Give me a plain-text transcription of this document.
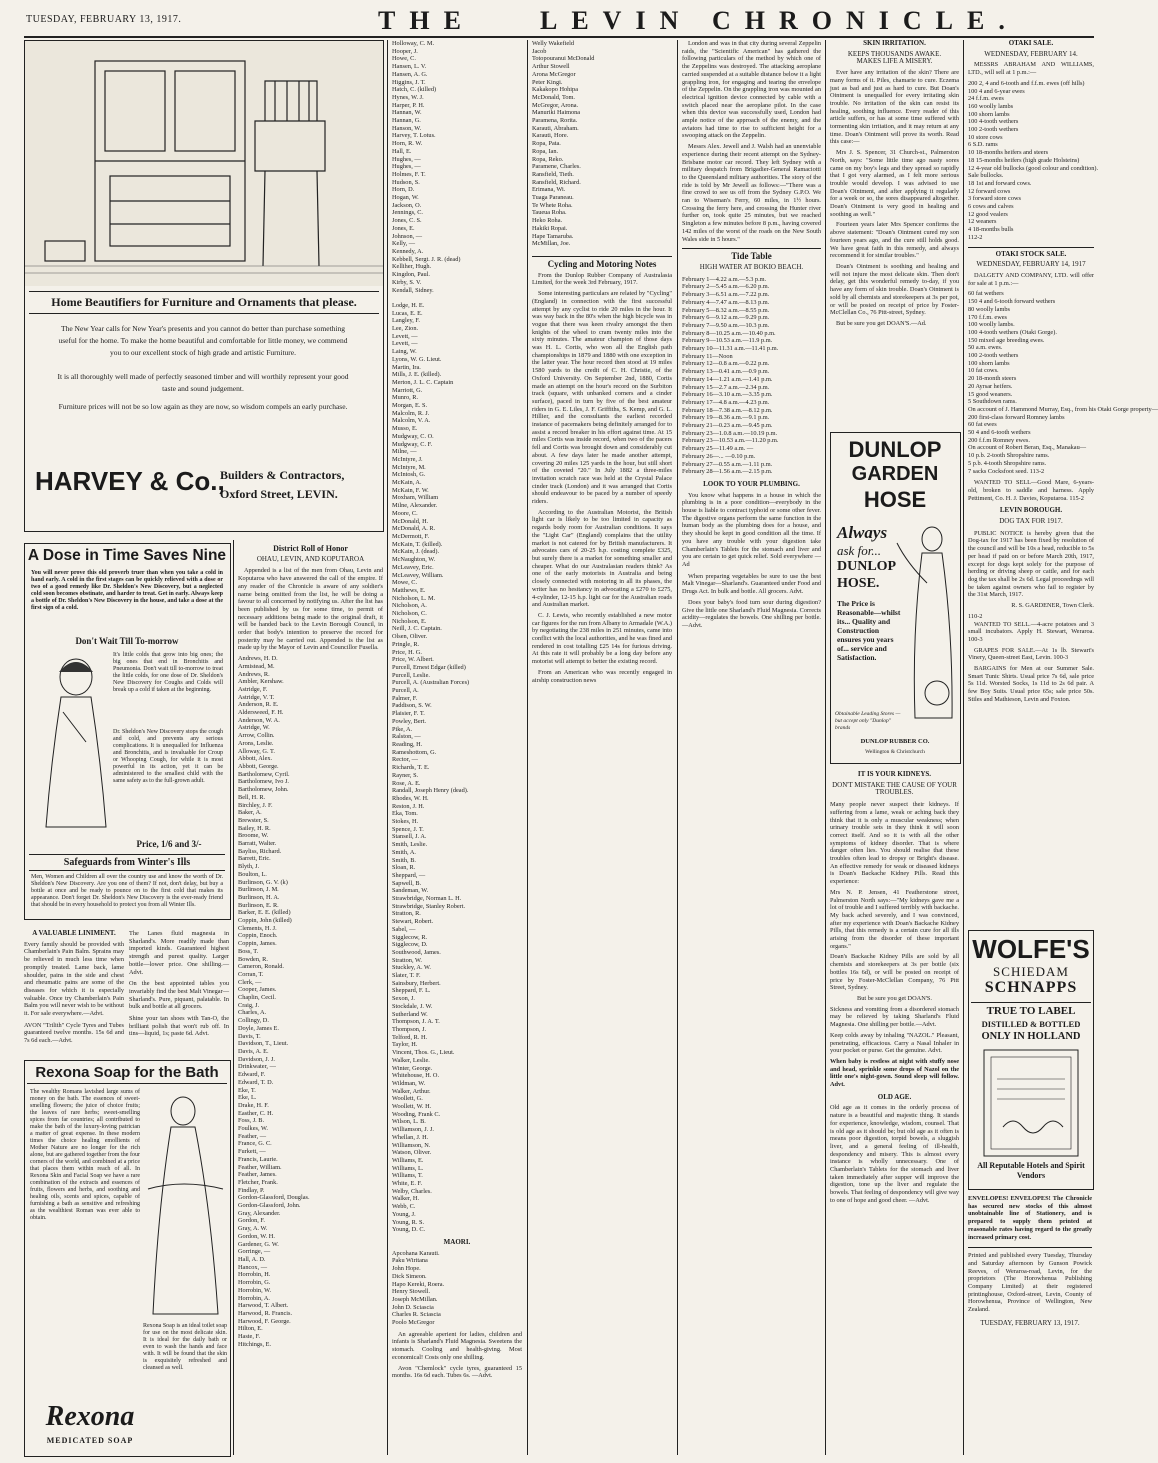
TUESDAY, FEBRUARY 13, 1917.	THE	LEVIN CHRONICLE.
Home Beautifiers for Furniture and Ornaments that please.
The New Year calls for New Year's presents and you cannot do better than purchase something useful for the home. To make the home beautiful and comfortable for little money, we commend you to our excellent stock of high grade and artistic Furniture.
It is all thoroughly well made of perfectly seasoned timber and will worthily represent your good taste and sound judgement.
Furniture prices will not be so low again as they are now, so wisdom compels an early purchase.
HARVEY & Co.,
Builders & Contractors,
Oxford Street, LEVIN.
A Dose in Time Saves Nine
You will never prove this old proverb truer than when you take a cold in hand early. A cold in the first stages can be quickly relieved with a dose or two of a good remedy like Dr. Sheldon's New Discovery, but a neglected cold soon becomes obstinate, and harder to treat. Get in early. Always keep a bottle of Dr. Sheldon's New Discovery in the house, and take a dose at the first sign of a cold.
Don't Wait Till To-morrow
It's little colds that grow into big ones; the big ones that end in Bronchitis and Pneumonia. Don't wait till to-morrow to treat the little colds, for one dose of Dr. Sheldon's New Discovery for Coughs and Colds will break up a cold if taken at the beginning.
Dr. Sheldon's New Discovery stops the cough and cold, and prevents any serious complications. It is unequalled for Influenza and Bronchitis, and is invaluable for Croup or Whooping Cough, for while it is most powerful in its action, yet it can be administered to the smallest child with the same safety as to the full-grown adult.
Price, 1/6 and 3/-
Safeguards from Winter's Ills
Men, Women and Children all over the country use and know the worth of Dr. Sheldon's New Discovery. Are you one of them? If not, don't delay, but buy a bottle at once and be ready to pounce on to the first cold that makes its appearance. Don't forget Dr. Sheldon's New Discovery is the ever-ready friend that should be in every household to protect you from all Winter Ills.
A VALUABLE LINIMENT.

Every family should be provided with Chamberlain's Pain Balm. Sprains may be relieved in much less time when promptly treated. Lame back, lame shoulder, pains in the side and chest and rheumatic pains are some of the diseases for which it is especially valuable. Once try Chamberlain's Pain Balm you will never wish to be without it. For sale everywhere.—Advt.

AVON "Trilith" Cycle Tyres and Tubes guaranteed twelve months. 15s 6d and 7s 6d each.—Advt.

The Lanes fluid magnesia in Sharland's. More readily made than imported kinds. Guaranteed highest strength and purest quality. Larger bottle—lower price. One shilling.—Advt.

On the best appointed tables you invariably find the best Malt Vinegar—Sharland's. Pure, piquant, palatable. In bulk and bottle at all grocers.

Shine your tan shoes with Tan-O, the brilliant polish that won't rub off. In tins—liquid, 1s; paste 6d. Advt.

Rexona Soap for the Bath
The wealthy Romans lavished large sums of money on the bath. The essences of sweet-smelling flowers; the juice of choice fruits; the leaves of rare herbs; sweet-smelling spices from far countries; all contributed to make the bath of the luxury-loving patrician a matter of great expense. In these modern times the choice healing emollients of Mother Nature are no longer for the rich alone, but are gathered together from the four corners of the world, and combined at a price that places them within reach of all. In Rexona Skin and Facial Soap we have a rare combination of the extracts and essences of fruits, flowers and herbs, and soothing and healing oils, scents and spices, capable of furnishing a bath as sensitive and refreshing as the wealthiest Roman was ever able to obtain.
Rexona Soap is an ideal toilet soap for use on the most delicate skin. It is ideal for the daily bath or even to wash the hands and face with. It will be found that the skin is exquisitely refreshed and cleansed as well.
Rexona
MEDICATED SOAP
District Roll of Honor
OHAU, LEVIN, AND KOPUTAROA

Appended is a list of the men from Ohau, Levin and Koputaroa who have answered the call of the empire. If any reader of the Chronicle is aware of any soldier's name being omitted from the list, he will be doing a favour to all concerned by notifying us. After the list has been published by us for some time, to permit of necessary additions being made to the original draft, it will be handed back to the Levin Borough Council, in order that body's intention to preserve the record for posterity may be carried out. Appended is the list as made up by the Mayor of Levin and Councillor Fusella.

Andrews, H. D.
Armistead, M.
Andrews, R.
Ambler, Kershaw.
Astridge, F.
Astridge, V. T.
Anderson, R. E.
Aldersweed, F. H.
Anderson, W. A.
Astridge, W.
Arrow, Collin.
Arons, Leslie.
Alloway, G. T.
Abbott, Alex.
Abbott, George.
Bartholomew, Cyril.
Bartholomew, Ivo J.
Bartholomew, John.
Bell, H. R.
Birchley, J. F.
Baker, A.
Brewster, S.
Bailey, H. R.
Broome, W.
Barratt, Walter.
Bayliss, Richard.
Barrett, Eric.
Blyth, J.
Boulton, L.
Burlinson, G. V. (k)
Burlinson, J. M.
Burlinson, H. A.
Burlinson, E. R.
Barker, E. E. (killed)
Coppin, John (killed)
Clements, H. J.
Coppin, Enoch.
Coppin, James.
Boss, T.
Bowden, R.
Cameron, Ronald.
Corran, T.
Clerk, —
Cooper, James.
Chaplin, Cecil.
Craig, J.
Charles, A.
Collingy, D.
Doyle, James E.
Davis, T.
Davidson, T., Lieut.
Davis, A. E.
Davidson, J. J.
Drinkwater, —
Edward, F.
Edward, T. D.
Eke, T.
Eke, L.
Drake, H. F.
Easther, C. H.
Foss, J. B.
Foulkes, W.
Feather, —
France, G. C.
Furkett, —
Francis, Laurie.
Feather, William.
Feather, James.
Fletcher, Frank.
Findlay, P.
Gordon-Glassford, Douglas.
Gordon-Glassford, John.
Gray, Alexander.
Gordon, F.
Gray, A. W.
Gordon, W. H.
Gardener, G. W.
Gorringe, —
Hall, A. D.
Hancox, —
Horrobin, H.
Horrobin, G.
Horrobin, W.
Horrobin, A.
Harwood, T. Albert.
Harwood, R. Francis.
Harwood, F. George.
Hilton, E.
Haste, F.
Hitchings, E.
Holloway, C. M.
Hooper, J.
Howe, C.
Hansen, L. V.
Hansen, A. G.
Higgins, J. T.
Hatch, C. (killed)
Hynes, W. J.
Harper, P. H.
Hannan, W.
Hannan, G.
Hanson, W.
Harvey, T. Lotus.
Horn, R. W.
Hall, E.
Hughes, —
Hughes, —
Holmes, F. T.
Hudson, S.
Horn, D.
Hogan, W.
Jackson, O.
Jennings, C.
Jones, C. S.
Jones, E.
Johnson, —
Kelly, —
Kennedy, A.
Kebbell, Sergt. J. R. (dead)
Kelliher, Hugh.
Kingdon, Paul.
Kirby, S. V.
Kendall, Sidney.

Lodge, H. E.
Lucas, E. E.
Langley, F.
Lee, Zion.
Levett, —
Levett, —
Laing, W.
Lyons, W. G. Lieut.
Martin, Ira.
Mills, J. E. (killed).
Merton, J. L. C. Captain
Marriott, G.
Munro, R.
Morgan, E. S.
Malcolm, R. J.
Malcolm, V. A.
Musso, E.
Mudgway, C. O.
Mudgway, C. F.
Milne, —
McIntyre, J.
McIntyre, M.
McIntosh, G.
McKain, A.
McKain, F. W.
Moxham, William
Milne, Alexander.
Moore, C.
McDonald, H.
McDonald, A. R.
McDermott, F.
McKain, T. (killed).
McKain, J. (dead).
McNaughton, W.
McLeavey, Eric.
McLeavey, William.
Mowe, C.
Matthews, E.
Nicholson, L. M.
Nicholson, A.
Nicholson, C.
Nicholson, E.
Neill, J. C. Captain.
Olsen, Oliver.
Pringle, R.
Price, H. G.
Price, W. Albert.
Purcell, Ernest Edgar (killed)
Purcell, Leslie.
Purcell, A. (Australian Forces)
Purcell, A.
Palmer, F.
Paddison, S. W.
Plaisier, F. T.
Powley, Bert.
Pike, A.
Ralston, —
Reading, H.
Rameshottom, G.
Rector, —
Richards, T. E.
Rayner, S.
Rose, A. E.
Randall, Joseph Henry (dead).
Rhodes, W. H.
Reston, J. H.
Eka, Tom.
Stokes, H.
Spence, J. T.
Stansell, J. A.
Smith, Leslie.
Smith, A.
Smith, B.
Sloan, R.
Sheppard, —
Sapwell, B.
Sandeman, W.
Strawbridge, Norman L. H.
Strawbridge, Stanley Robert.
Stratton, R.
Stewart, Robert.
Sabel, —
Sigglecow, R.
Sigglecow, D.
Southwood, James.
Stratton, W.
Stuckley, A. W.
Slater, T. F.
Sainsbury, Herbert.
Sheppard, F. L.
Sexon, J.
Stockdale, J. W.
Sutherland W.
Thompson, J. A. T.
Thompson, J.
Telford, R. H.
Taylor, H.
Vincent, Thos. G., Lieut.
Walker, Leslie.
Winter, George.
Whitehouse, H. O.
Wildman, W.
Walker, Arthur.
Woollett, G.
Woollett, W. H.
Wooding, Frank C.
Wilson, L. B.
Williamson, J. J.
Whellan, J. H.
Williamson, N.
Watson, Oliver.
Williams, E.
Williams, L.
Williams, T.
White, E. F.
Welby, Charles.
Walker, H.
Webb, C.
Young, J.
Young, R. S.
Young, D. C.
MAORI.
Apcohana Karauti.
Paku Wiritana
John Hope.
Dick Simeon.
Hapo Kereki, Roera.
Henry Stowell.
Joseph McMillan.
John D. Sciascia
Charles R. Sciascia
Poolo McGregor

An agreeable aperient for ladies, children and infants is Sharland's Fluid Magnesia. Sweetens the stomach. Cooling and health-giving. Most economical! Costs only one shilling.

Avon "Chemlock" cycle tyres, guaranteed 15 months. 16s 6d each. Tubes 6s. —Advt.

Welly Wakefield
Jacob
Totopouranui McDonald
Arthur Stowell
Arona McGregor
Peter Kingi.
Kakakopo Hohipa
McDonald, Tom.
McGregor, Arona.
Manuriki Haimona
Paramena, Rorita.
Karauti, Abraham.
Karauti, Hore.
Ropa, Pata.
Ropa, Ian.
Ropa, Reko.
Paramene, Charles.
Ransfield, Tieth.
Ransfield, Richard.
Erimana, Wi.
Tuaga Paraneau.
Te Whete Roha.
Taueua Roha.
Heko Roha.
Hakiki Ropai.
Hape Tamaruba.
McMillan, Joe.
Cycling and Motoring Notes

From the Dunlop Rubber Company of Australasia Limited, for the week 3rd February, 1917.

Some interesting particulars are related by "Cycling" (England) in connection with the first successful attempt by any cyclist to ride 20 miles in the hour. It was way back in the 80's when the high bicycle was in vogue that there was keen rivalry amongst the then knights of the wheel to cram twenty miles into the sixty minutes. The amateur champion of those days was H. L. Cortis, who won all the English path championships in 1879 and 1880 with one exception in the latter year. The hour record then stood at 19 miles 1580 yards to the credit of C. H. Christie, of the Oxford University. On September 2nd, 1880, Cortis made an attempt on the hour's record on the Surbiton track (square, with unbanked corners and a cinder surface), paced in turn by five of the best amateur riders in G. E. Liles, J. F. Griffiths, S. Kemp, and G. L. Hillier, and the consultants the earliest recorded instance of pacemakers being definitely arranged for to assist a record breaker in his effort against time. At 15 miles Cortis was inside record, when two of the pacers fell and Cortis was brought down and considerably cut about. A few days later he made another attempt, covering 20 miles 125 yards in the hour, but still short of the coveted "20." In July 1882 a three-miles invitation scratch race was held at the Crystal Palace cinder track (London) and it was arranged that Cortis should endeavour to be paced by a number of speedy riders.

According to the Australian Motorist, the British light car is likely to be too limited in capacity as regards body room for Australian conditions. It says the "Light Car" (England) complains that the utility market is not catered for by British manufacturers. It advocates cars of 20-25 h.p. costing complete £325, but surely there is a market for something smaller and cheaper. What do our Australasian readers think? As one of the early motorists in Australia and being closely connected with motoring in all its phases, the writer has no hesitancy in advocating a £270 to £275, 4-cylinder, 12-15 h.p. light car for the Australian roads and Australian market.

C. J. Lewis, who recently established a new motor car figures for the run from Albany to Armadale (W.A.) by negotiating the 238 miles in 251 minutes, came into conflict with the local authorities, and he was fined and rendered in cost totalling £25 14s for furious driving. At this rate it will probably be a long day before any motorist will attempt to better the existing record.

From an American who was recently engaged in airship construction news

London and was in that city during several Zeppelin raids, the "Scientific American" has gathered the following particulars of the method by which one of the Zeppelins was destroyed. The attacking aeroplane carried suspended at a suitable distance below it a light grappling iron, for engaging and tearing the envelope of the Zeppelin. On the grappling iron was mounted an electrical ignition device connected by cable with a switch placed near the aeroplane pilot. In the case when this device was successfully used, London had ample notice of the approach of the enemy, and the aviators had time to rise to sufficient height for a swooping attack on the Zeppelin.

Messrs Alex. Jewell and J. Walsh had an unenviable experience during their recent attempt on the Sydney-Brisbane motor car record. They left Sydney with a military despatch from Brigadier-General Ramaciotti to the Queensland military authorities. The story of the ride is told by Mr Jewell as follows:—"There was a fine crowd to see us off from the Sydney G.P.O. We ran to Wiseman's Ferry, 60 miles, in 1½ hours. Crossing the ferry here, and crossing the Hunter river further on, took quite 25 minutes, but we reached Singleton a few minutes before 8 p.m., having covered 142 miles of the worst of the roads on the New South Wales side in 5 hours."

Tide Table
HIGH WATER AT BOKIO BEACH.
February 1—4.22 a.m.—5.3 p.m.
February 2—5.45 a.m.—6.20 p.m.
February 3—6.51 a.m.—7.22 p.m.
February 4—7.47 a.m.—8.13 p.m.
February 5—8.32 a.m.—8.55 p.m.
February 6—9.12 a.m.—9.29 p.m.
February 7—9.50 a.m.—10.3 p.m.
February 8—10.25 a.m.—10.40 p.m.
February 9—10.53 a.m.—11.9 p.m.
February 10—11.31 a.m.—11.41 p.m.
February 11—Noon
February 12—0.8 a.m.—0.22 p.m.
February 13—0.41 a.m.—0.9 p.m.
February 14—1.21 a.m.—1.41 p.m.
February 15—2.7 a.m.—2.34 p.m.
February 16—3.10 a.m.—3.35 p.m.
February 17—4.8 a.m.—4.23 p.m.
February 18—7.38 a.m.—8.12 p.m.
February 19—8.36 a.m.—9.1 p.m.
February 21—0.23 a.m.—9.45 p.m.
February 23—1.0.8 a.m.—10.19 p.m.
February 23—10.53 a.m.—11.20 p.m.
February 25—11.49 a.m. —
February 26—... —0.10 p.m.
February 27—0.55 a.m.—1.11 p.m.
February 28—1.56 a.m.—2.15 p.m.
LOOK TO YOUR PLUMBING.

You know what happens in a house in which the plumbing is in a poor condition—everybody in the house is liable to contract typhoid or some other fever. The digestive organs perform the same function in the human body as the plumbing does for a house, and they should be kept in good condition all the time. If you have any trouble with your digestion take Chamberlain's Tablets for the stomach and liver and you are certain to get quick relief. Sold everywhere —Ad

When preparing vegetables be sure to use the best Malt Vinegar—Sharland's. Guaranteed under Food and Drugs Act. In bulk and bottle. All grocers. Advt.

Does your baby's food turn sour during digestion? Give the little one Sharland's Fluid Magnesia. Corrects acidity—regulates the bowels. One shilling per bottle.—Advt.

SKIN IRRITATION.
KEEPS THOUSANDS AWAKE.
MAKES LIFE A MISERY.

Ever have any irritation of the skin? There are many forms of it. Piles, chamarie to cure. Eczema just as bad and just as hard to cure. But Doan's Ointment is unequalled for every irritating skin trouble. No irritation of the skin can resist its healing, soothing influence. Every reader of this article suffers, or has at some time suffered with tormenting skin irritation, and it may return at any time. Doan's Ointment will prove its worth. Read this case:—

Mrs J. S. Spencer, 31 Church-st., Palmerston North, says: "Some little time ago nasty sores came on my boy's legs and they spread so rapidly that I got very alarmed, as I felt more serious trouble would develop. I was advised to use Doan's Ointment, and after applying it regularly for a week or so, the sores disappeared altogether. Doan's Ointment is very good in healing and soothing as well."

Fourteen years later Mrs Spencer confirms the above statement: "Doan's Ointment cured my son fourteen years ago, and the cure still holds good. We have great faith in this remedy, and always recommend it for similar troubles."

Doan's Ointment is soothing and healing and will not injure the most delicate skin. Then don't delay, get this wonderful remedy to-day, if you have any form of skin trouble. Doan's Ointment is sold by all chemists and storekeepers at 3s per pot, or will be posted on receipt of price by Foster-McClellan Co., 76 Pitt-street, Sydney.

But be sure you get DOAN'S.—Ad.

DUNLOP
GARDEN
HOSE
Always
ask for...
DUNLOP
HOSE.
The Price is Reasonable—whilst its... Quality and Construction ensures you years of... service and Satisfaction.
Obtainable Leading Stores — but accept only "Dunlop" brands
DUNLOP RUBBER CO.
Wellington & Christchurch
IT IS YOUR KIDNEYS.
DON'T MISTAKE THE CAUSE OF YOUR TROUBLES.

Many people never suspect their kidneys. If suffering from a lame, weak or aching back they think that it is only a muscular weakness; when urinary trouble sets in they think it will soon correct itself. And so it is with all the other symptoms of kidney disorder. That is where danger often lies. You should realise that these troubles often lead to dropsy or Bright's disease. An effective remedy for weak or diseased kidneys is Doan's Backache Kidney Pills. Read this experience:

Mrs N. P. Jensen, 41 Featherstone street, Palmerston North says:—"My kidneys gave me a lot of trouble and I suffered terribly with backache. My back ached severely, and I was convinced, after my experience with Doan's Backache Kidney Pills, that this remedy is a certain cure for all ills arising from the disorder of these important organs."

Doan's Backache Kidney Pills are sold by all chemists and storekeepers at 3s per bottle (six bottles 16s 6d), or will be posted on receipt of price by Foster-McClellan Company, 76 Pitt Street, Sydney.

But be sure you get DOAN'S.

Sickness and vomiting from a disordered stomach may be relieved by taking Sharland's Fluid Magnesia. One shilling per bottle.—Advt.

Keep colds away by inhaling "NAZOL." Pleasant, penetrating, efficacious. Carry a Nasal Inhaler in your pocket or purse. Get the genuine. Advt.

When baby is restless at night with stuffy nose and head, sprinkle some drops of Nazol on the little one's night-gown. Sound sleep will follow. Advt.

OLD AGE.

Old age as it comes in the orderly process of nature is a beautiful and majestic thing. It stands for experience, knowledge, wisdom, counsel. That is old age as it should be; but old age as it often is means poor digestion, torpid bowels, a sluggish liver, and a general feeling of ill-health, despondency and misery. This is almost every instance is wholly unnecessary. One of Chamberlain's Tablets for the stomach and liver taken immediately after supper will improve the digestion, tone up the liver and regulate the bowels. That feeling of despondency will give way to one of hope and good cheer. —Advt.

OTAKI SALE.
WEDNESDAY, FEBRUARY 14.

MESSRS ABRAHAM AND WILLIAMS, LTD., will sell at 1 p.m.:—

200 2, 4 and 6-tooth and f.f.m. ewes (off hills)
100 4 and 6-year ewes
24 f.f.m. ewes
160 woolly lambs
100 shorn lambs
100 4-tooth wethers
100 2-tooth wethers
10 store cows
6 S.D. rams
10 18-months heifers and steers
18 15-months heifers (high grade Holsteins)
12 4-year old bullocks (good colour and condition).
Sale bullocks.
18 1st and forward cows.
12 forward cows
3 forward store cows
6 cows and calves
12 good vealers
12 weaners
4 18-months bulls
112-2
OTAKI STOCK SALE.
WEDNESDAY, FEBRUARY 14, 1917

DALGETY AND COMPANY, LTD. will offer for sale at 1 p.m.:—

60 fat wethers
150 4 and 6-tooth forward wethers
80 woolly lambs
170 f.f.m. ewes
100 woolly lambs.
100 4-tooth wethers (Otaki Gorge).
150 mixed age breeding ewes.
50 a.m. ewes.
100 2-tooth wethers
100 shorn lambs
10 fat cows.
20 18-month steers
20 Ayrsar heifers.
15 good weaners.
5 Southdown rams.
On account of J. Hammond Murray, Esq., from his Otaki Gorge property—
200 first-class forward Romney lambs
60 fat ewes
50 4 and 6-tooth wethers
200 f.f.m Romney ewes.
On account of Robert Beran, Esq., Manakau—
10 p.b. 2-tooth Shropshire rams.
5 p.b. 4-tooth Shropshire rams.
7 sacks Cocksfoot seed. 113-2

WANTED TO SELL—Good Mare, 6-years-old, broken to saddle and harness. Apply Pettiment, Co. H. J. Davies, Koputaroa. 115-2

LEVIN BOROUGH.
DOG TAX FOR 1917.

PUBLIC NOTICE is hereby given that the Dog-tax for 1917 has been fixed by resolution of the council and will be 10s a head, reducible to 5s per head if paid on or before March 20th, 1917, except for dogs kept solely for the purpose of herding or driving sheep or cattle, and for each dog the tax shall be 2s 6d. Legal proceedings will be taken against owners who fail to register by the 31st March, 1917.

R. S. GARDENER, Town Clerk.

110-2

WANTED TO SELL.—4-acre potatoes and 3 small incubators. Apply H. Stewart, Weraroa. 100-3

GRAPES FOR SALE.—At 1s lb. Stewart's Vinery, Queen-street East, Levin. 100-3

BARGAINS for Men at our Summer Sale. Smart Tunic Shirts. Usual price 7s 6d, sale price 5s 11d. Worsted Socks, 1s 11d to 2s 6d pair. A few Boy Suits. Usual price 65s; sale price 50s. Stiles and Mathieson, Levin and Foxton.

WOLFE'S
SCHIEDAM
SCHNAPPS
TRUE TO LABEL
DISTILLED & BOTTLED
ONLY IN HOLLAND
All Reputable Hotels and Spirit Vendors

ENVELOPES! ENVELOPES! The Chronicle has secured new stocks of this almost unobtainable line of Stationery, and is prepared to supply them printed at reasonable rates having regard to the greatly increased primary cost.

Printed and published every Tuesday, Thursday and Saturday afternoon by Gunson Powick Reeves, of Weraroa-road, Levin, for the proprietors (The Horowhenua Publishing Company Limited) at their registered printinghouse, Oxford-street, Levin, County of Horowhenua, Province of Wellington, New Zealand.

TUESDAY, FEBRUARY 13, 1917.
